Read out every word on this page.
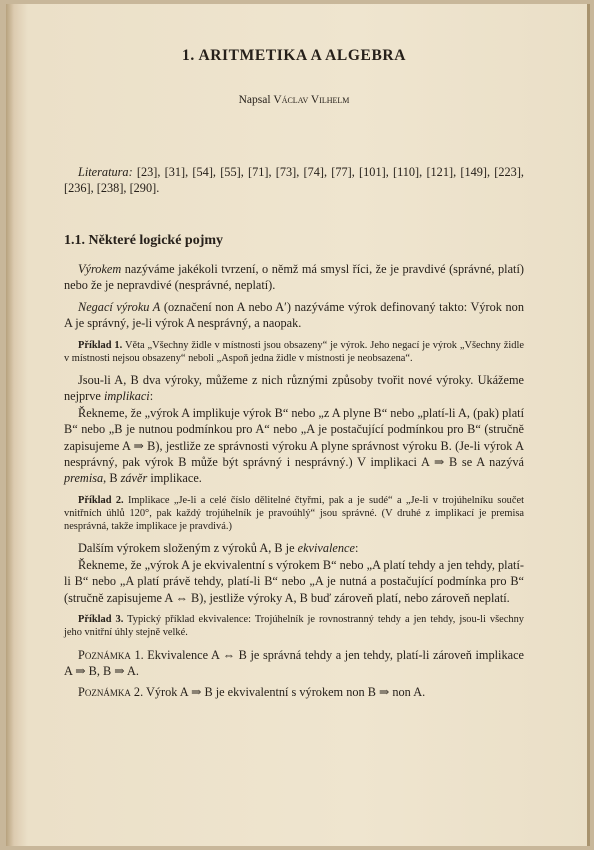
1. ARITMETIKA A ALGEBRA
Napsal Václav Vilhelm

Literatura: [23], [31], [54], [55], [71], [73], [74], [77], [101], [110], [121], [149], [223], [236], [238], [290].

1.1. Některé logické pojmy

Výrokem nazýváme jakékoli tvrzení, o němž má smysl říci, že je pravdivé (správné, platí) nebo že je nepravdivé (nesprávné, neplatí).

Negací výroku A (označení non A nebo A′) nazýváme výrok definovaný takto: Výrok non A je správný, je-li výrok A nesprávný, a naopak.

Příklad 1. Věta „Všechny židle v místnosti jsou obsazeny“ je výrok. Jeho negací je výrok „Všechny židle v místnosti nejsou obsazeny“ neboli „Aspoň jedna židle v místnosti je neobsazena“.

Jsou-li A, B dva výroky, můžeme z nich různými způsoby tvořit nové výroky. Ukážeme nejprve implikaci:

Řekneme, že „výrok A implikuje výrok B“ nebo „z A plyne B“ nebo „platí-li A, (pak) platí B“ nebo „B je nutnou podmínkou pro A“ nebo „A je postačující podmínkou pro B“ (stručně zapisujeme A ⇒ B), jestliže ze správnosti výroku A plyne správnost výroku B. (Je-li výrok A nesprávný, pak výrok B může být správný i nesprávný.) V implikaci A ⇒ B se A nazývá premisa, B závěr implikace.

Příklad 2. Implikace „Je-li a celé číslo dělitelné čtyřmi, pak a je sudé“ a „Je-li v trojúhelníku součet vnitřních úhlů 120°, pak každý trojúhelník je pravoúhlý“ jsou správné. (V druhé z implikací je premisa nesprávná, takže implikace je pravdivá.)

Dalším výrokem složeným z výroků A, B je ekvivalence:

Řekneme, že „výrok A je ekvivalentní s výrokem B“ nebo „A platí tehdy a jen tehdy, platí-li B“ nebo „A platí právě tehdy, platí-li B“ nebo „A je nutná a postačující podmínka pro B“ (stručně zapisujeme A ⇔ B), jestliže výroky A, B buď zároveň platí, nebo zároveň neplatí.

Příklad 3. Typický příklad ekvivalence: Trojúhelník je rovnostranný tehdy a jen tehdy, jsou-li všechny jeho vnitřní úhly stejně velké.

Poznámka 1. Ekvivalence A ⇔ B je správná tehdy a jen tehdy, platí-li zároveň implikace A ⇒ B, B ⇒ A.

Poznámka 2. Výrok A ⇒ B je ekvivalentní s výrokem non B ⇒ non A.
